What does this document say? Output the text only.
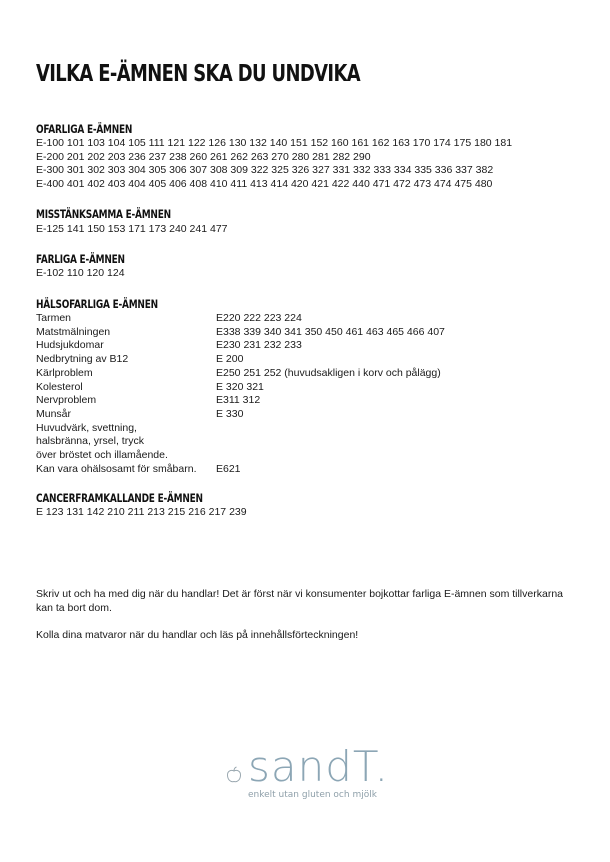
VILKA E-ÄMNEN SKA DU UNDVIKA
OFARLIGA E-ÄMNEN

E-100 101 103 104 105 111 121 122 126 130 132 140 151 152 160 161 162 163 170 174 175 180 181

E-200 201 202 203 236 237 238 260 261 262 263 270 280 281 282 290

E-300 301 302 303 304 305 306 307 308 309 322 325 326 327 331 332 333 334 335 336 337 382

E-400 401 402 403 404 405 406 408 410 411 413 414 420 421 422 440 471 472 473 474 475 480

MISSTÄNKSAMMA E-ÄMNEN

E-125 141 150 153 171 173 240 241 477

FARLIGA E-ÄMNEN

E-102 110 120 124

HÄLSOFARLIGA E-ÄMNEN
Tarmen	E220 222 223 224
Matstmälningen	E338 339 340 341 350 450 461 463 465 466 407
Hudsjukdomar	E230 231 232 233
Nedbrytning av B12	E 200
Kärlproblem	E250 251 252 (huvudsakligen i korv och pålägg)
Kolesterol	E 320 321
Nervproblem	E311 312
Munsår	E 330
Huvudvärk, svettning,
halsbränna, yrsel, tryck
över bröstet och illamående.
Kan vara ohälsosamt för småbarn.	E621
CANCERFRAMKALLANDE E-ÄMNEN

E 123 131 142 210 211 213 215 216 217 239

Skriv ut och ha med dig när du handlar! Det är först när vi konsumenter bojkottar farliga E-ämnen som tillverkarna kan ta bort dom.

Kolla dina matvaror när du handlar och läs på innehållsförteckningen!

sandT.
enkelt utan gluten och mjölk
